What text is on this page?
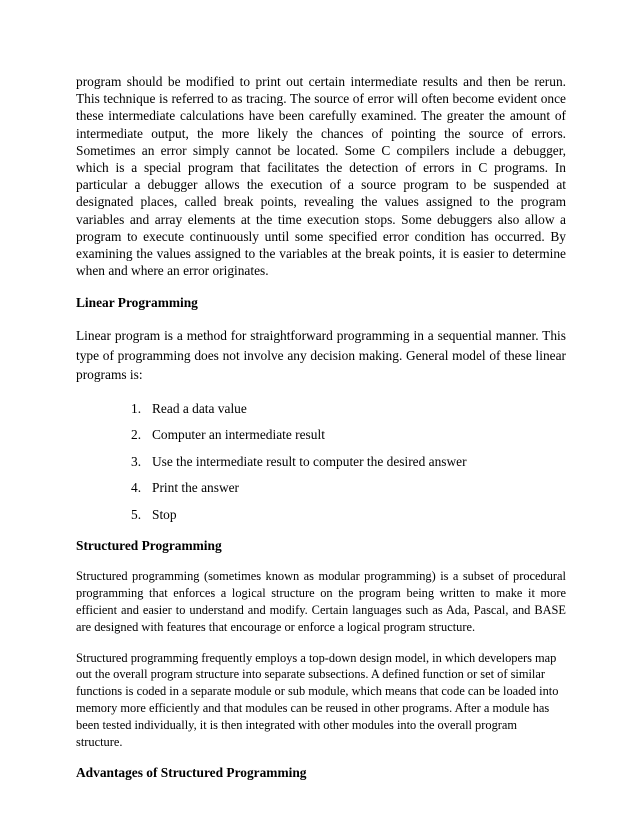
program should be modified to print out certain intermediate results and then be rerun. This technique is referred to as tracing. The source of error will often become evident once these intermediate calculations have been carefully examined. The greater the amount of intermediate output, the more likely the chances of pointing the source of errors. Sometimes an error simply cannot be located. Some C compilers include a debugger, which is a special program that facilitates the detection of errors in C programs. In particular a debugger allows the execution of a source program to be suspended at designated places, called break points, revealing the values assigned to the program variables and array elements at the time execution stops. Some debuggers also allow a program to execute continuously until some specified error condition has occurred. By examining the values assigned to the variables at the break points, it is easier to determine when and where an error originates.

Linear Programming

Linear program is a method for straightforward programming in a sequential manner. This type of programming does not involve any decision making. General model of these linear programs is:

1. Read a data value
2. Computer an intermediate result
3. Use the intermediate result to computer the desired answer
4. Print the answer
5. Stop
Structured Programming

Structured programming (sometimes known as modular programming) is a subset of procedural programming that enforces a logical structure on the program being written to make it more efficient and easier to understand and modify. Certain languages such as Ada, Pascal, and BASE are designed with features that encourage or enforce a logical program structure.

Structured programming frequently employs a top-down design model, in which developers map out the overall program structure into separate subsections. A defined function or set of similar functions is coded in a separate module or sub module, which means that code can be loaded into memory more efficiently and that modules can be reused in other programs. After a module has been tested individually, it is then integrated with other modules into the overall program structure.

Advantages of Structured Programming
